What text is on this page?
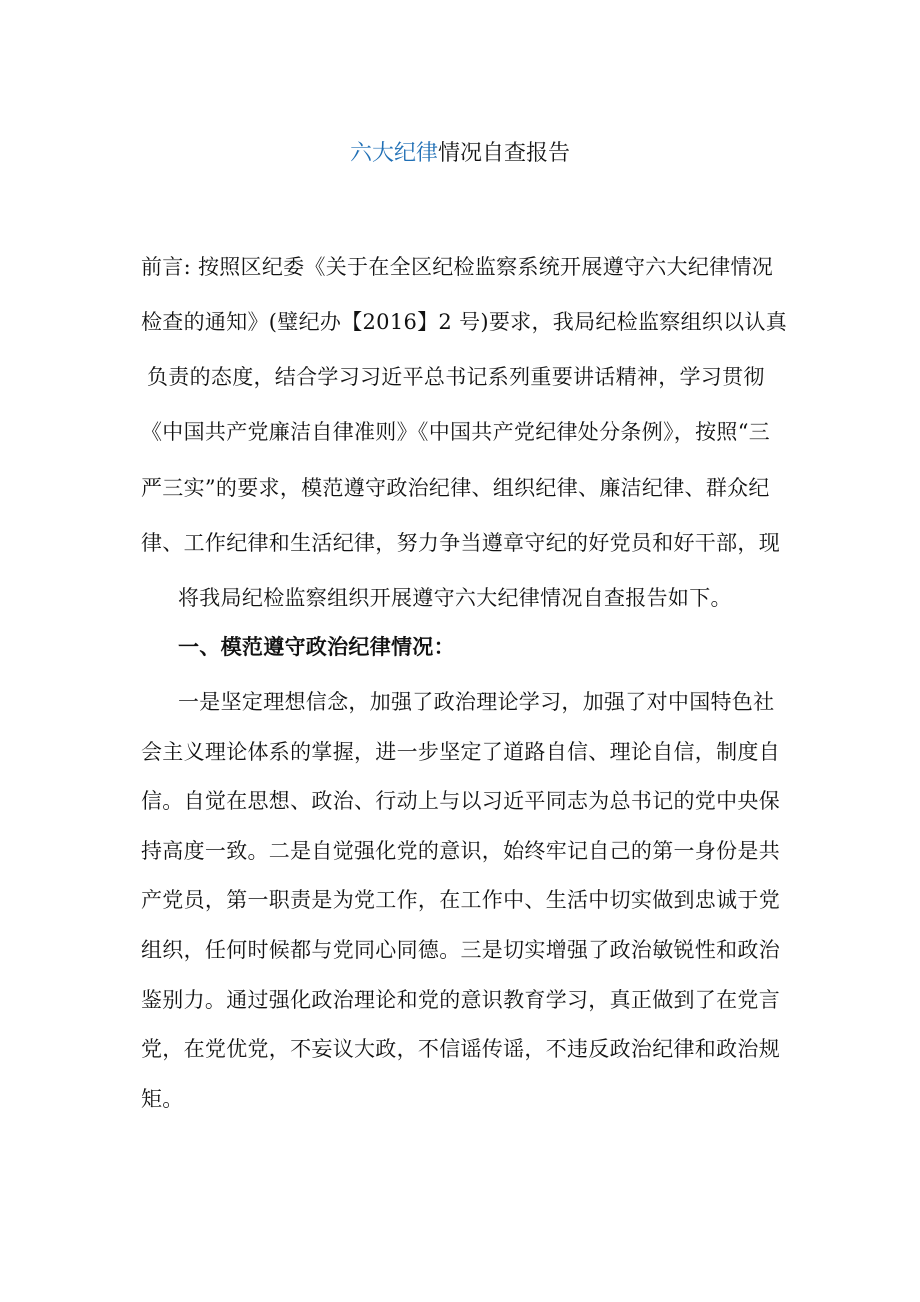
六大纪律情况自查报告
前言: 按照区纪委《关于在全区纪检监察系统开展遵守六大纪律情况
检查的通知》(璧纪办【2016】2 号)要求，我局纪检监察组织以认真
负责的态度，结合学习习近平总书记系列重要讲话精神，学习贯彻
《中国共产党廉洁自律准则》《中国共产党纪律处分条例》，按照“三
严三实”的要求，模范遵守政治纪律、组织纪律、廉洁纪律、群众纪
律、工作纪律和生活纪律，努力争当遵章守纪的好党员和好干部，现
将我局纪检监察组织开展遵守六大纪律情况自查报告如下。
一、模范遵守政治纪律情况：
一是坚定理想信念，加强了政治理论学习，加强了对中国特色社
会主义理论体系的掌握，进一步坚定了道路自信、理论自信，制度自
信。自觉在思想、政治、行动上与以习近平同志为总书记的党中央保
持高度一致。二是自觉强化党的意识，始终牢记自己的第一身份是共
产党员，第一职责是为党工作，在工作中、生活中切实做到忠诚于党
组织，任何时候都与党同心同德。三是切实增强了政治敏锐性和政治
鉴别力。通过强化政治理论和党的意识教育学习，真正做到了在党言
党，在党优党，不妄议大政，不信谣传谣，不违反政治纪律和政治规
矩。
